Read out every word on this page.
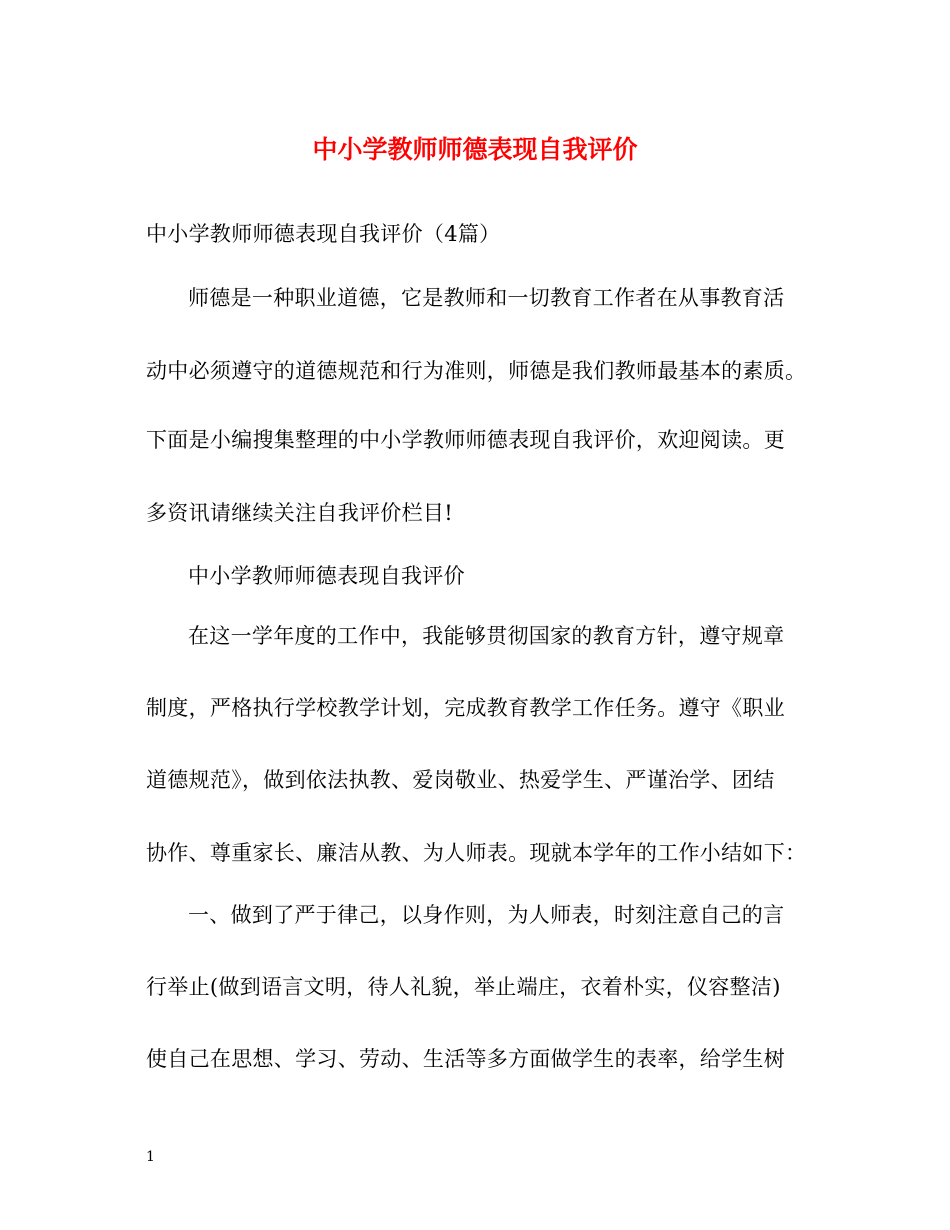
中小学教师师德表现自我评价
中小学教师师德表现自我评价（4篇）
师德是一种职业道德，它是教师和一切教育工作者在从事教育活
动中必须遵守的道德规范和行为准则，师德是我们教师最基本的素质。
下面是小编搜集整理的中小学教师师德表现自我评价，欢迎阅读。更
多资讯请继续关注自我评价栏目!
中小学教师师德表现自我评价
在这一学年度的工作中，我能够贯彻国家的教育方针，遵守规章
制度，严格执行学校教学计划，完成教育教学工作任务。遵守《职业
道德规范》，做到依法执教、爱岗敬业、热爱学生、严谨治学、团结
协作、尊重家长、廉洁从教、为人师表。现就本学年的工作小结如下：
一、做到了严于律己，以身作则，为人师表，时刻注意自己的言
行举止(做到语言文明，待人礼貌，举止端庄，衣着朴实，仪容整洁)
使自己在思想、学习、劳动、生活等多方面做学生的表率，给学生树
1
